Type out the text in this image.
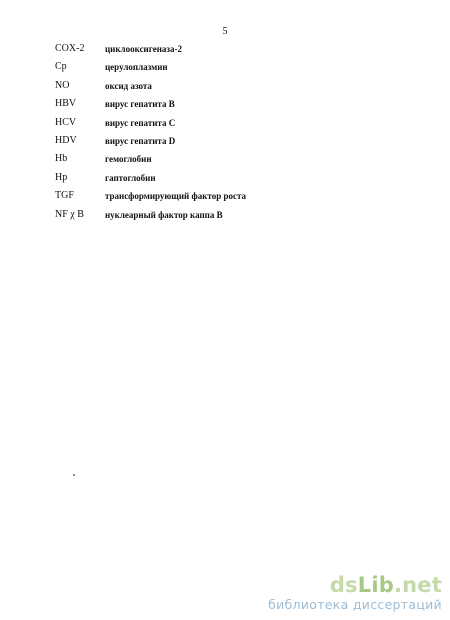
5
COX-2 циклооксигеназа-2
Cp	церулоплазмин
NO	оксид азота
HBV	вирус гепатита B
HCV	вирус гепатита C
HDV	вирус гепатита D
Hb	гемоглобин
Hp	гаптоглобин
TGF	трансформирующий фактор роста
NF χ B нуклеарный фактор каппа B
dsLib.net
библиотека диссертаций
